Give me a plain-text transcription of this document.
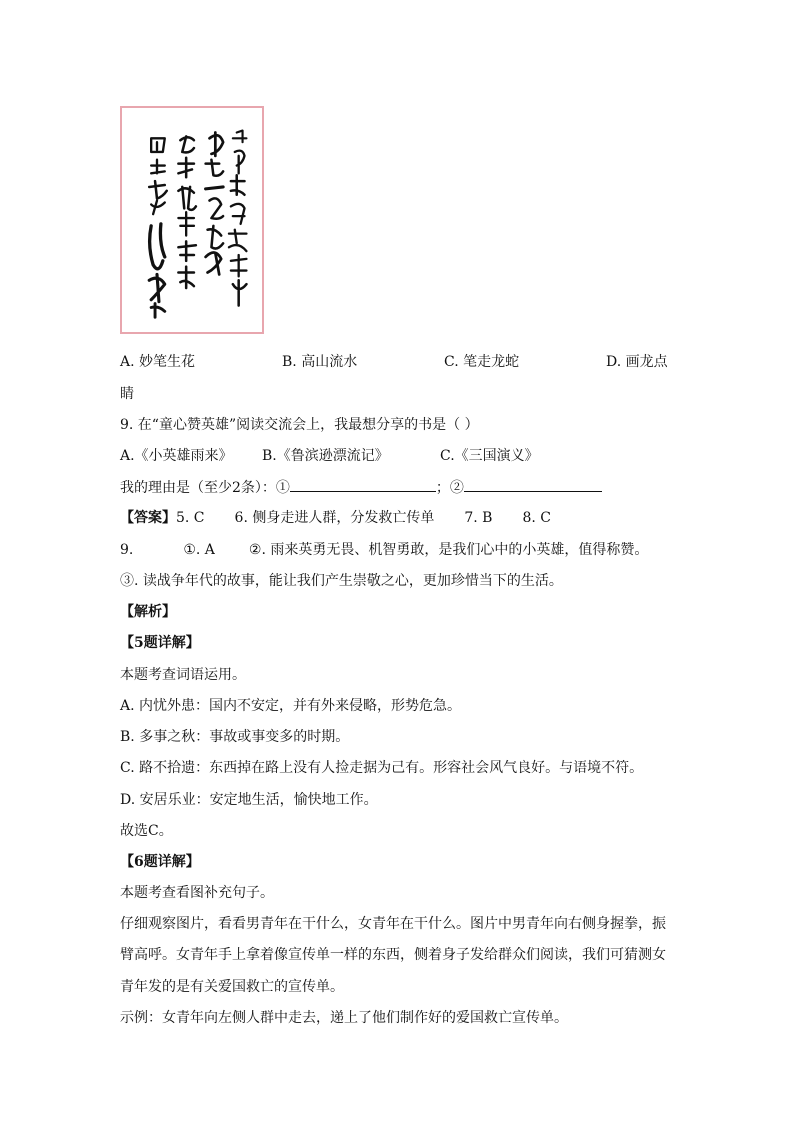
A. 妙笔生花	B. 高山流水	C. 笔走龙蛇	D. 画龙点
睛
9. 在“童心赞英雄”阅读交流会上，我最想分享的书是（ ）
A.《小英雄雨来》 B.《鲁滨逊漂流记》	C.《三国演义》
我的理由是（至少2条）：①	；②
【答案】5. C 6. 侧身走进人群，分发救亡传单 7. B 8. C
9.	①. A ②. 雨来英勇无畏、机智勇敢，是我们心中的小英雄，值得称赞。
③. 读战争年代的故事，能让我们产生崇敬之心，更加珍惜当下的生活。
【解析】
【5题详解】
本题考查词语运用。
A. 内忧外患：国内不安定，并有外来侵略，形势危急。
B. 多事之秋：事故或事变多的时期。
C. 路不拾遗：东西掉在路上没有人捡走据为己有。形容社会风气良好。与语境不符。
D. 安居乐业：安定地生活，愉快地工作。
故选C。
【6题详解】
本题考查看图补充句子。
仔细观察图片，看看男青年在干什么，女青年在干什么。图片中男青年向右侧身握拳，振
臂高呼。女青年手上拿着像宣传单一样的东西，侧着身子发给群众们阅读，我们可猜测女
青年发的是有关爱国救亡的宣传单。
示例：女青年向左侧人群中走去，递上了他们制作好的爱国救亡宣传单。
